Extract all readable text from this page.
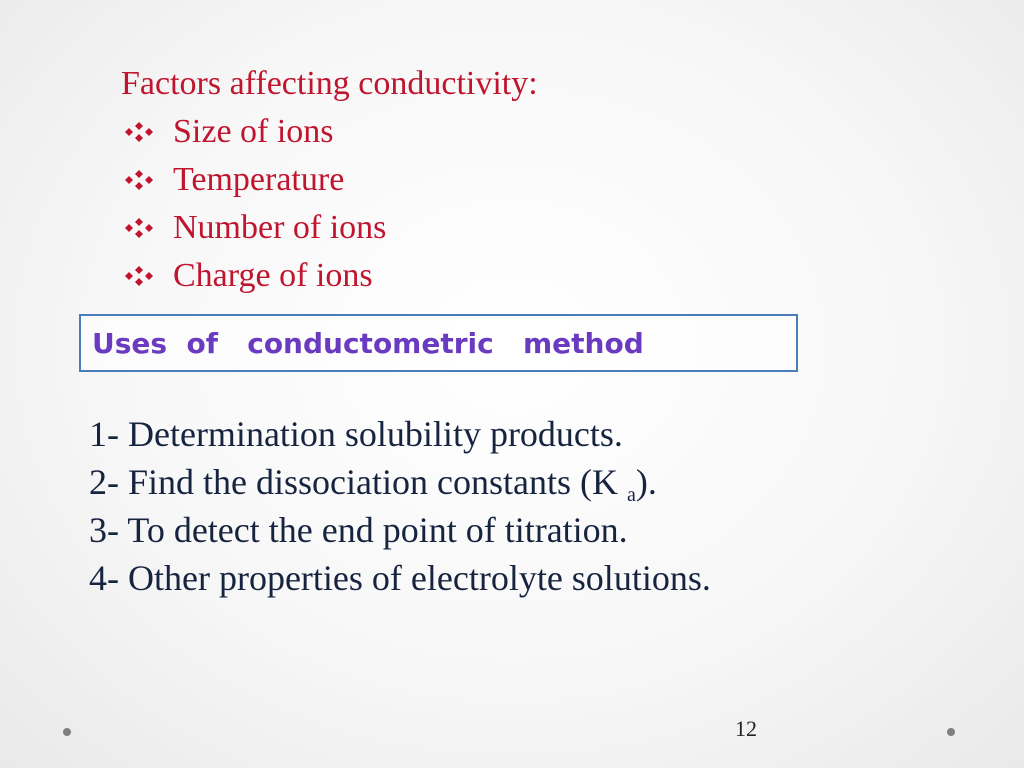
Factors affecting conductivity:
Size of ions
Temperature
Number of ions
Charge of ions
Uses  of   conductometric   method
1- Determination solubility products.
2- Find the dissociation constants (K $_a$).
3- To detect the end point of titration.
4- Other properties of electrolyte solutions.
12
